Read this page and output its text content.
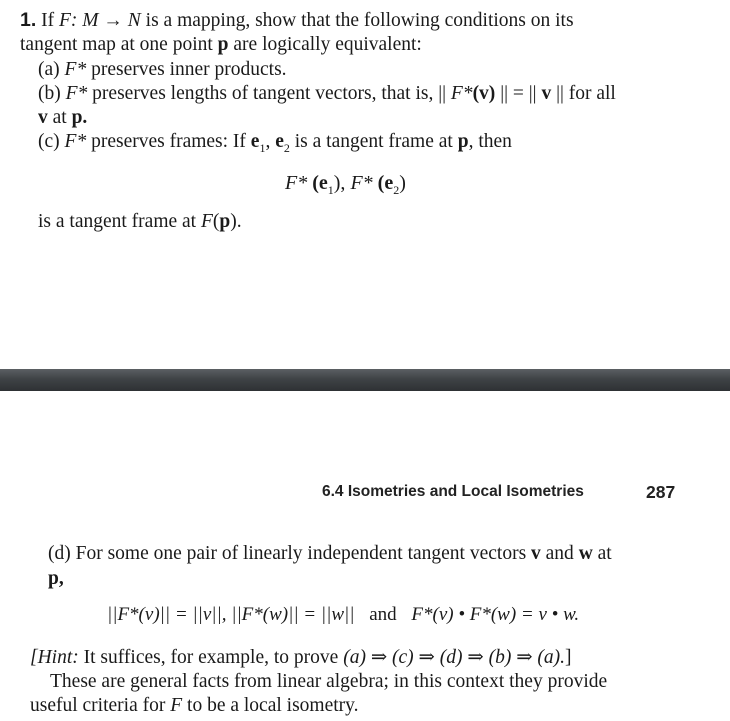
1. If F: M → N is a mapping, show that the following conditions on its
tangent map at one point p are logically equivalent:
(a) F* preserves inner products.
(b) F* preserves lengths of tangent vectors, that is, || F*(v) || = || v || for all
v at p.
(c) F* preserves frames: If $e_1$, $e_2$ is a tangent frame at p, then
F* $(e_1)$, F* $(e_2)$
is a tangent frame at F(p).
6.4 Isometries and Local Isometries	287
(d) For some one pair of linearly independent tangent vectors v and w at
p,
||F*(v)|| = ||v||, ||F*(w)|| = ||w|| and F*(v) • F*(w) = v • w.
[Hint: It suffices, for example, to prove (a) ⇒ (c) ⇒ (d) ⇒ (b) ⇒ (a).]
These are general facts from linear algebra; in this context they provide
useful criteria for F to be a local isometry.
